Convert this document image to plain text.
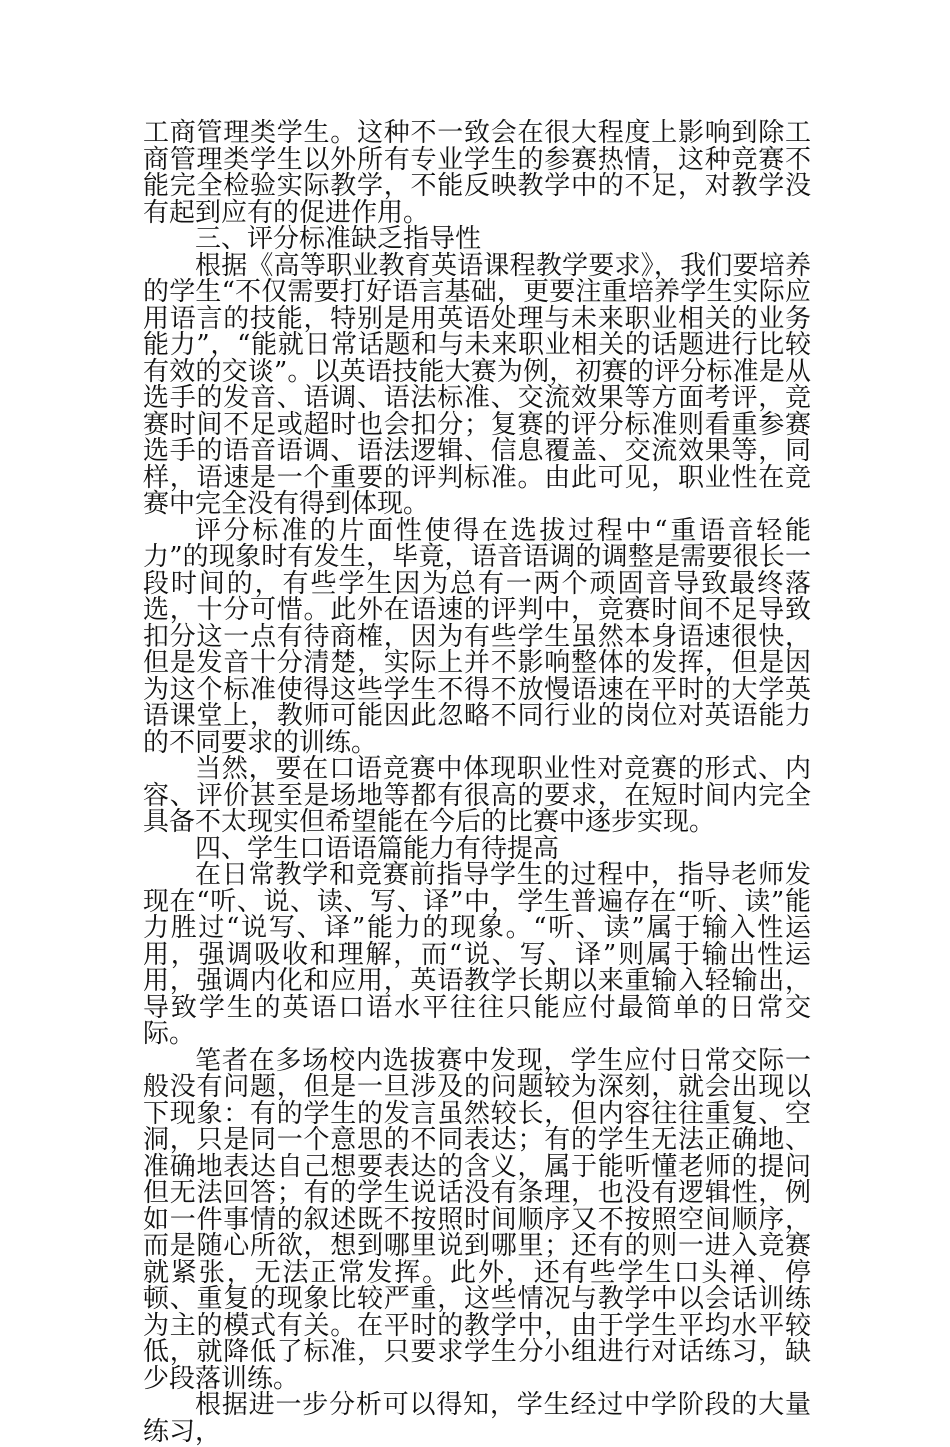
工商管理类学生。这种不一致会在很大程度上影响到除工商管理类学生以外所有专业学生的参赛热情，这种竞赛不能完全检验实际教学，不能反映教学中的不足，对教学没有起到应有的促进作用。

三、评分标准缺乏指导性

根据《高等职业教育英语课程教学要求》，我们要培养的学生“不仅需要打好语言基础，更要注重培养学生实际应用语言的技能，特别是用英语处理与未来职业相关的业务能力”，“能就日常话题和与未来职业相关的话题进行比较有效的交谈”。以英语技能大赛为例，初赛的评分标准是从选手的发音、语调、语法标准、交流效果等方面考评，竞赛时间不足或超时也会扣分；复赛的评分标准则看重参赛选手的语音语调、语法逻辑、信息覆盖、交流效果等，同样，语速是一个重要的评判标准。由此可见，职业性在竞赛中完全没有得到体现。

评分标准的片面性使得在选拔过程中“重语音轻能力”的现象时有发生，毕竟，语音语调的调整是需要很长一段时间的，有些学生因为总有一两个顽固音导致最终落选，十分可惜。此外在语速的评判中，竞赛时间不足导致扣分这一点有待商榷，因为有些学生虽然本身语速很快，但是发音十分清楚，实际上并不影响整体的发挥，但是因为这个标准使得这些学生不得不放慢语速在平时的大学英语课堂上，教师可能因此忽略不同行业的岗位对英语能力的不同要求的训练。

当然，要在口语竞赛中体现职业性对竞赛的形式、内容、评价甚至是场地等都有很高的要求，在短时间内完全具备不太现实但希望能在今后的比赛中逐步实现。

四、学生口语语篇能力有待提高

在日常教学和竞赛前指导学生的过程中，指导老师发现在“听、说、读、写、译”中，学生普遍存在“听、读”能力胜过“说写、译”能力的现象。“听、读”属于输入性运用，强调吸收和理解，而“说、写、译”则属于输出性运用，强调内化和应用，英语教学长期以来重输入轻输出，导致学生的英语口语水平往往只能应付最简单的日常交际。

笔者在多场校内选拔赛中发现，学生应付日常交际一般没有问题，但是一旦涉及的问题较为深刻，就会出现以下现象：有的学生的发言虽然较长，但内容往往重复、空洞，只是同一个意思的不同表达；有的学生无法正确地、准确地表达自己想要表达的含义，属于能听懂老师的提问但无法回答；有的学生说话没有条理，也没有逻辑性，例如一件事情的叙述既不按照时间顺序又不按照空间顺序，而是随心所欲，想到哪里说到哪里；还有的则一进入竞赛就紧张，无法正常发挥。此外，还有些学生口头禅、停顿、重复的现象比较严重，这些情况与教学中以会话训练为主的模式有关。在平时的教学中，由于学生平均水平较低，就降低了标准，只要求学生分小组进行对话练习，缺少段落训练。

根据进一步分析可以得知，学生经过中学阶段的大量练习，
